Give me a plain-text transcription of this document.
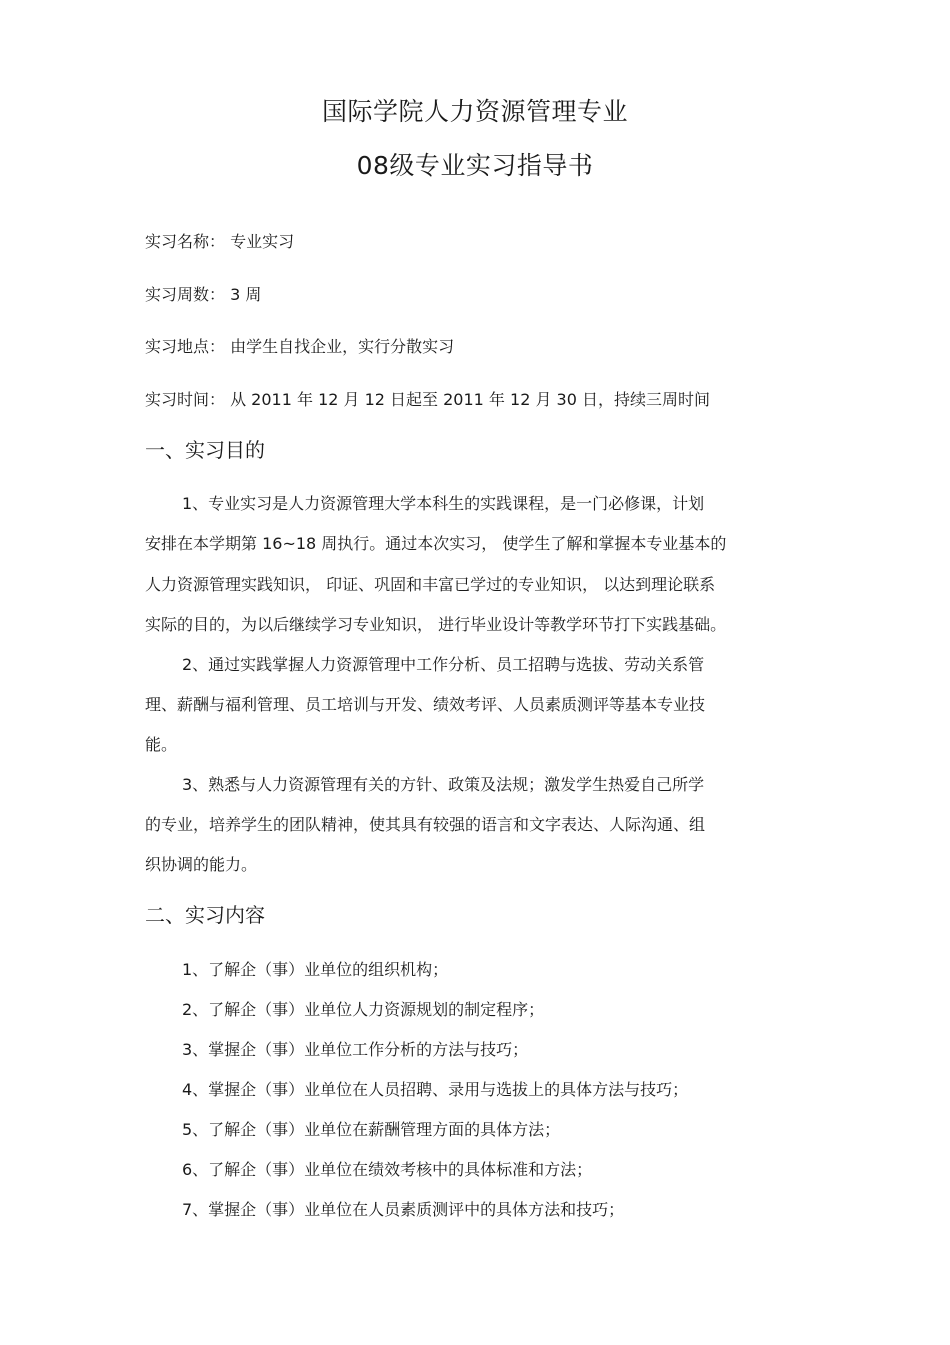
国际学院人力资源管理专业
08级专业实习指导书
实习名称： 专业实习
实习周数： 3 周
实习地点： 由学生自找企业，实行分散实习
实习时间： 从 2011 年 12 月 12 日起至 2011 年 12 月 30 日，持续三周时间
一、实习目的
1、专业实习是人力资源管理大学本科生的实践课程，是一门必修课，计划
安排在本学期第 16~18 周执行。通过本次实习， 使学生了解和掌握本专业基本的
人力资源管理实践知识， 印证、巩固和丰富已学过的专业知识， 以达到理论联系
实际的目的，为以后继续学习专业知识， 进行毕业设计等教学环节打下实践基础。
2、通过实践掌握人力资源管理中工作分析、员工招聘与选拔、劳动关系管
理、薪酬与福利管理、员工培训与开发、绩效考评、人员素质测评等基本专业技
能。
3、熟悉与人力资源管理有关的方针、政策及法规；激发学生热爱自己所学
的专业，培养学生的团队精神，使其具有较强的语言和文字表达、人际沟通、组
织协调的能力。
二、实习内容
1、了解企（事）业单位的组织机构；
2、了解企（事）业单位人力资源规划的制定程序；
3、掌握企（事）业单位工作分析的方法与技巧；
4、掌握企（事）业单位在人员招聘、录用与选拔上的具体方法与技巧；
5、了解企（事）业单位在薪酬管理方面的具体方法；
6、了解企（事）业单位在绩效考核中的具体标准和方法；
7、掌握企（事）业单位在人员素质测评中的具体方法和技巧；
